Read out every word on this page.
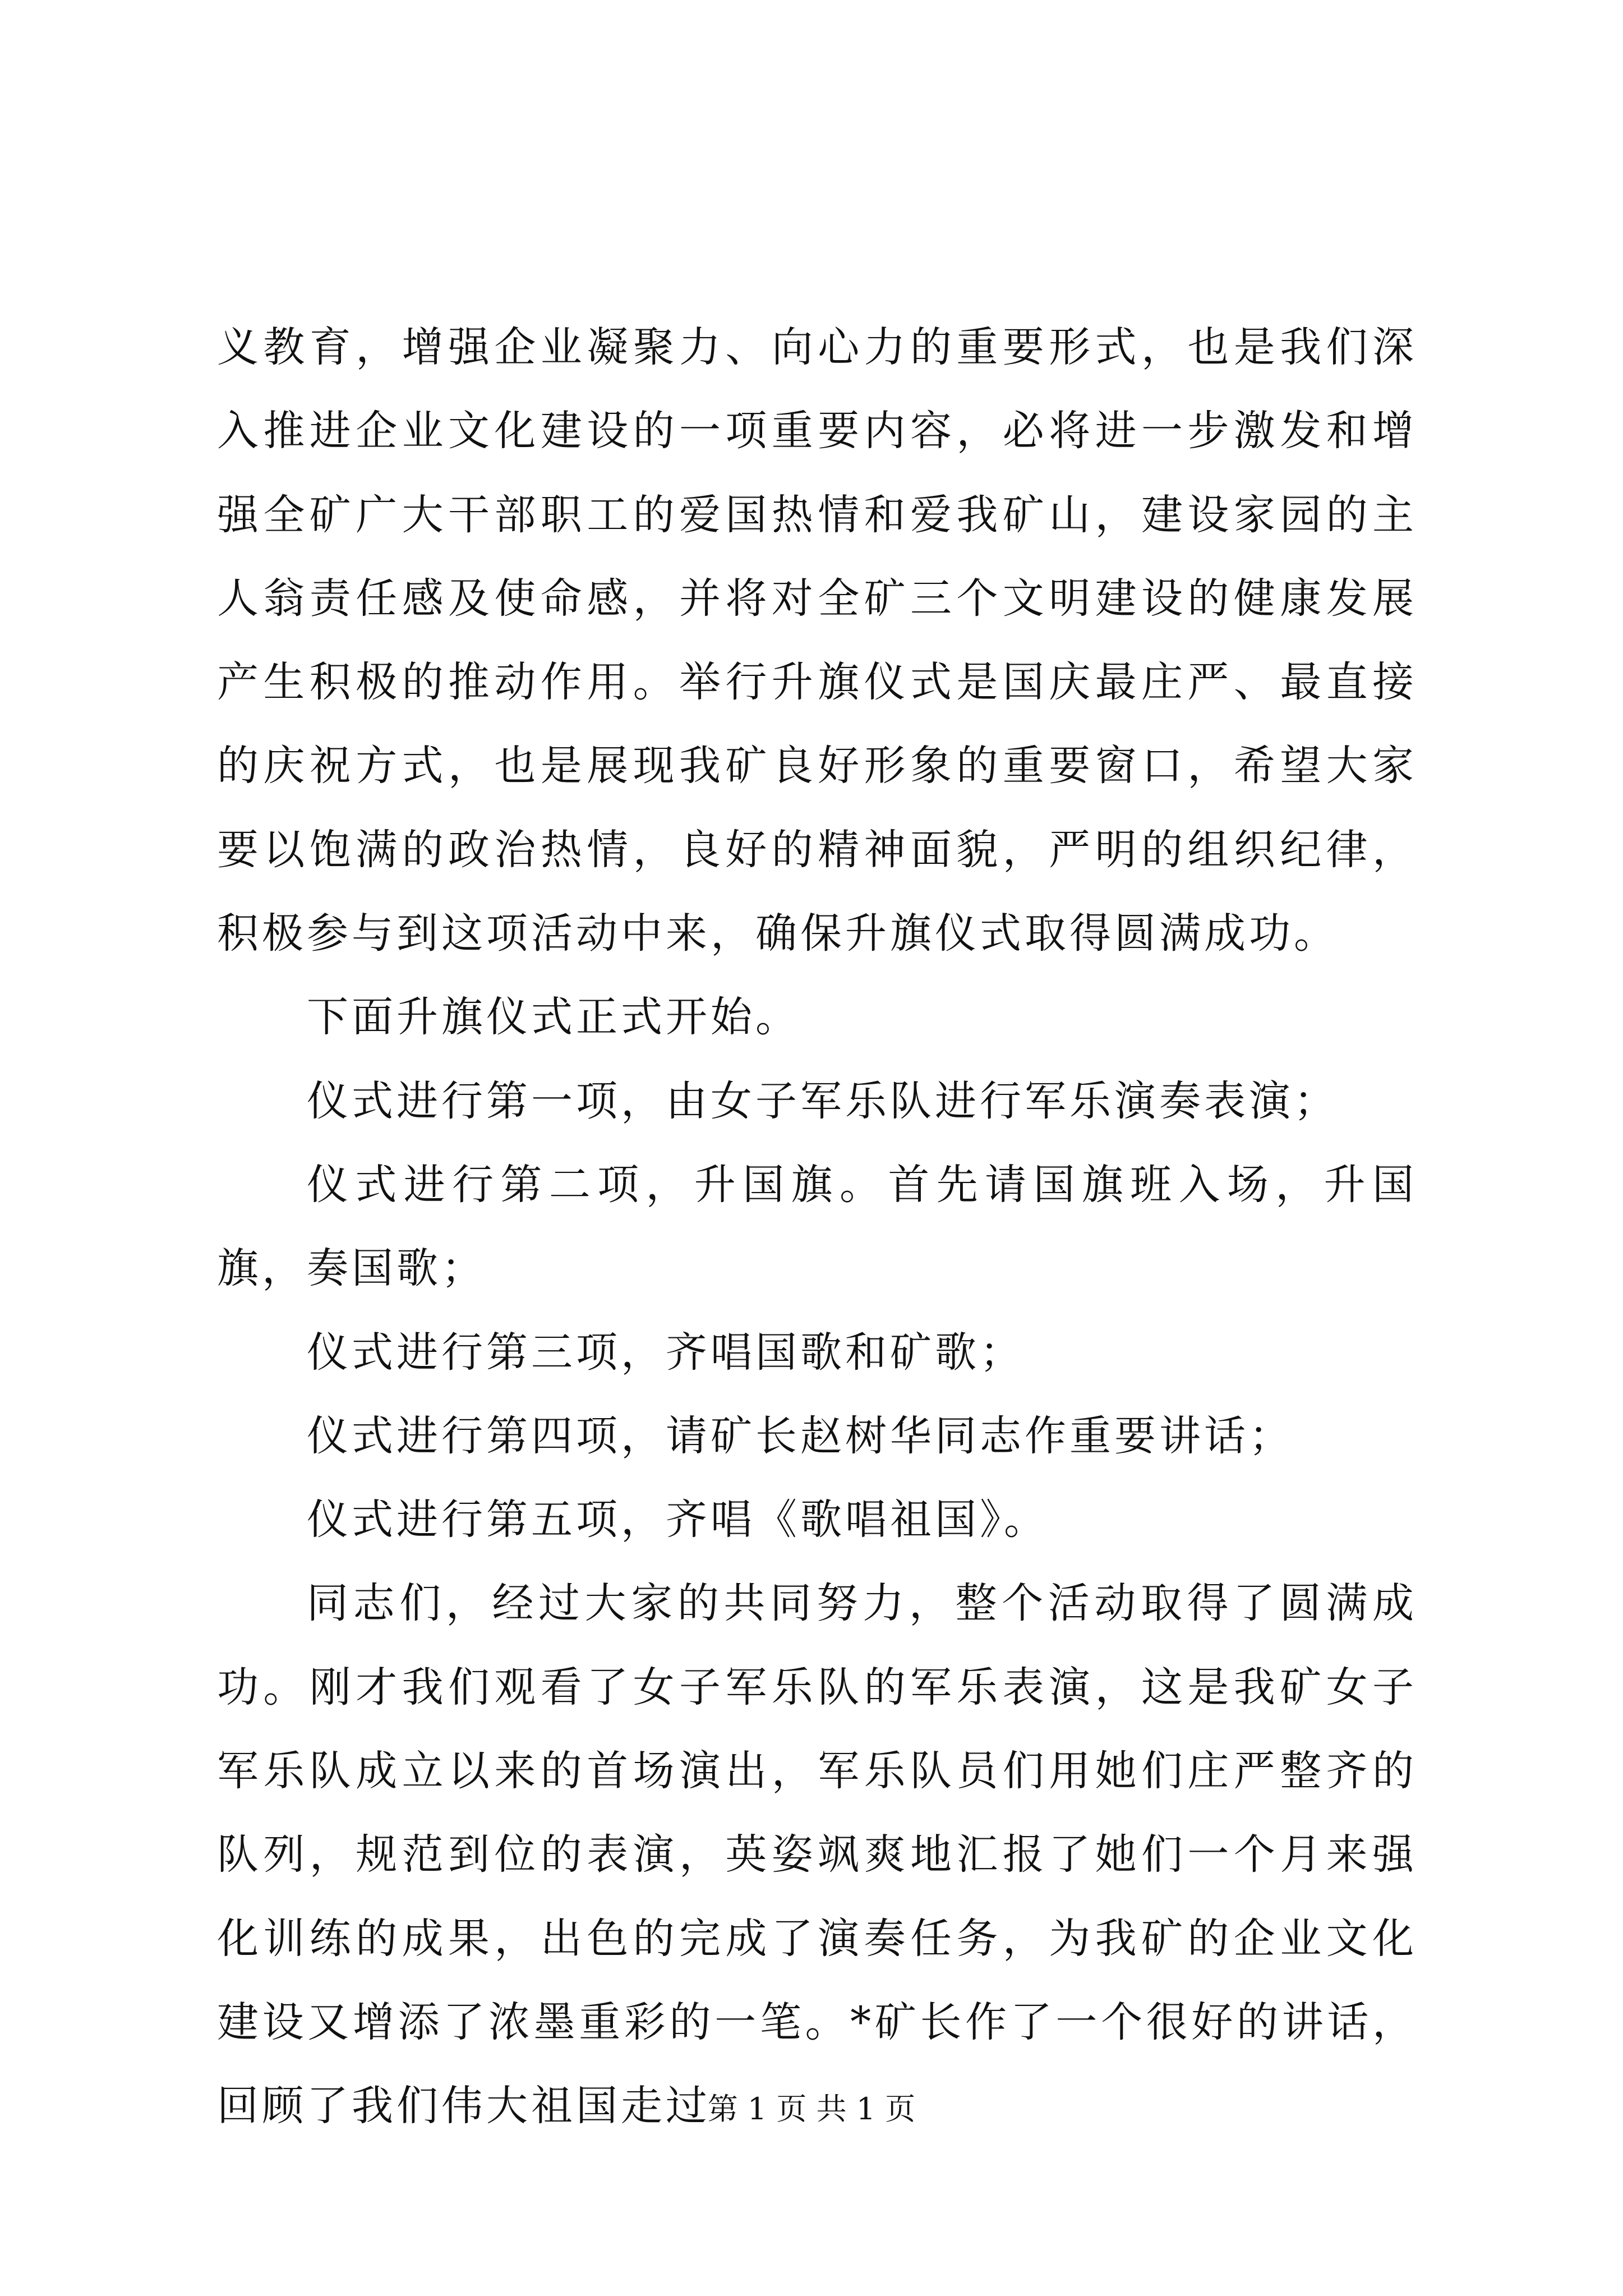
义教育，增强企业凝聚力、向心力的重要形式，也是我们深入推进企业文化建设的一项重要内容，必将进一步激发和增强全矿广大干部职工的爱国热情和爱我矿山，建设家园的主人翁责任感及使命感，并将对全矿三个文明建设的健康发展产生积极的推动作用。举行升旗仪式是国庆最庄严、最直接的庆祝方式，也是展现我矿良好形象的重要窗口，希望大家要以饱满的政治热情，良好的精神面貌，严明的组织纪律，积极参与到这项活动中来，确保升旗仪式取得圆满成功。

下面升旗仪式正式开始。

仪式进行第一项，由女子军乐队进行军乐演奏表演；

仪式进行第二项，升国旗。首先请国旗班入场，升国旗，奏国歌；

仪式进行第三项，齐唱国歌和矿歌；

仪式进行第四项，请矿长赵树华同志作重要讲话；

仪式进行第五项，齐唱《歌唱祖国》。

同志们，经过大家的共同努力，整个活动取得了圆满成功。刚才我们观看了女子军乐队的军乐表演，这是我矿女子军乐队成立以来的首场演出，军乐队员们用她们庄严整齐的队列，规范到位的表演，英姿飒爽地汇报了她们一个月来强化训练的成果，出色的完成了演奏任务，为我矿的企业文化建设又增添了浓墨重彩的一笔。*矿长作了一个很好的讲话，回顾了我们伟大祖国走过

第 1 页 共 1 页
